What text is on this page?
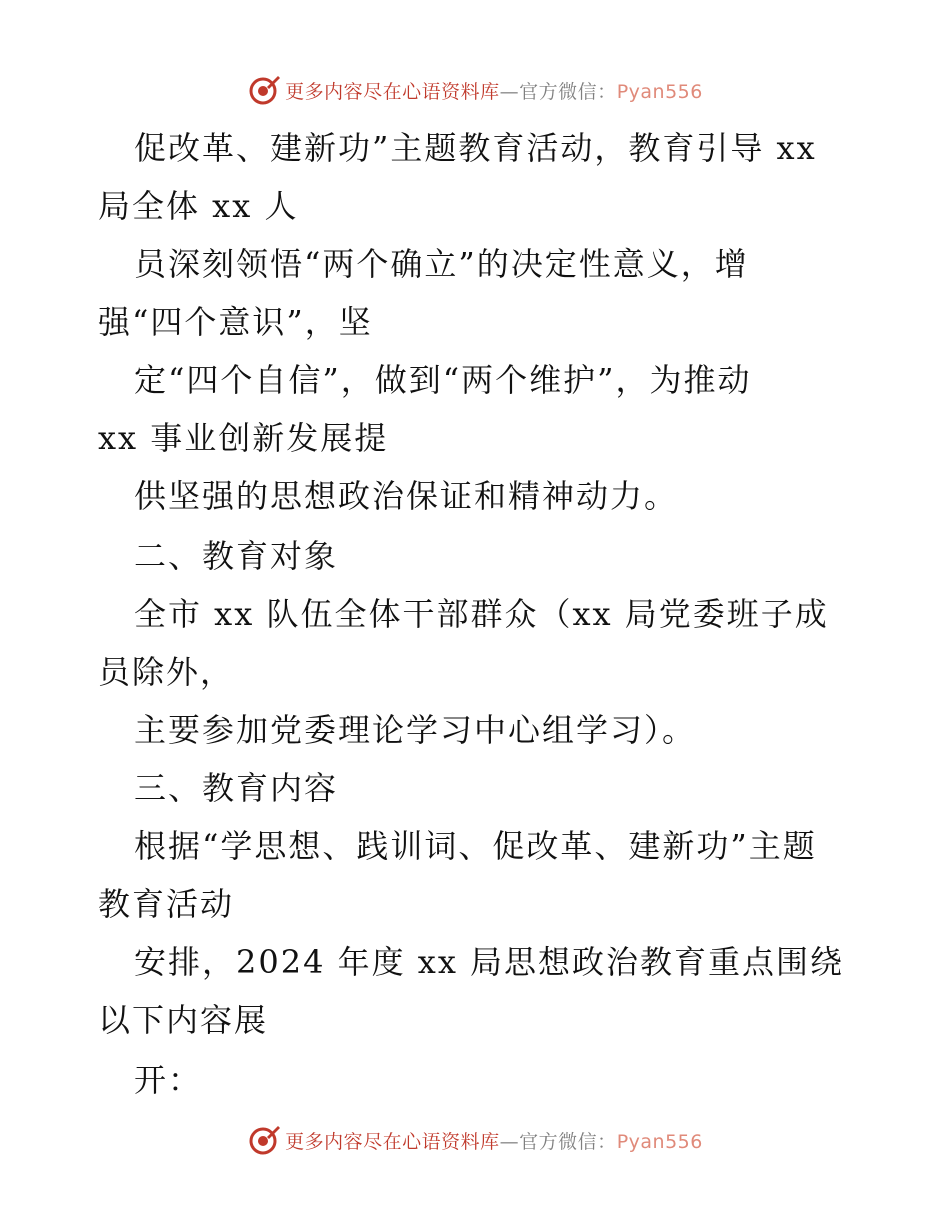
更多内容尽在心语资料库—官方微信：Pyan556
促改革、建新功”主题教育活动，教育引导 xx
局全体 xx 人
员深刻领悟“两个确立”的决定性意义，增
强“四个意识”，坚
定“四个自信”，做到“两个维护”，为推动
xx 事业创新发展提
供坚强的思想政治保证和精神动力。
二、教育对象
全市 xx 队伍全体干部群众（xx 局党委班子成
员除外，
主要参加党委理论学习中心组学习）。
三、教育内容
根据“学思想、践训词、促改革、建新功”主题
教育活动
安排，2024 年度 xx 局思想政治教育重点围绕
以下内容展
开：
更多内容尽在心语资料库—官方微信：Pyan556
